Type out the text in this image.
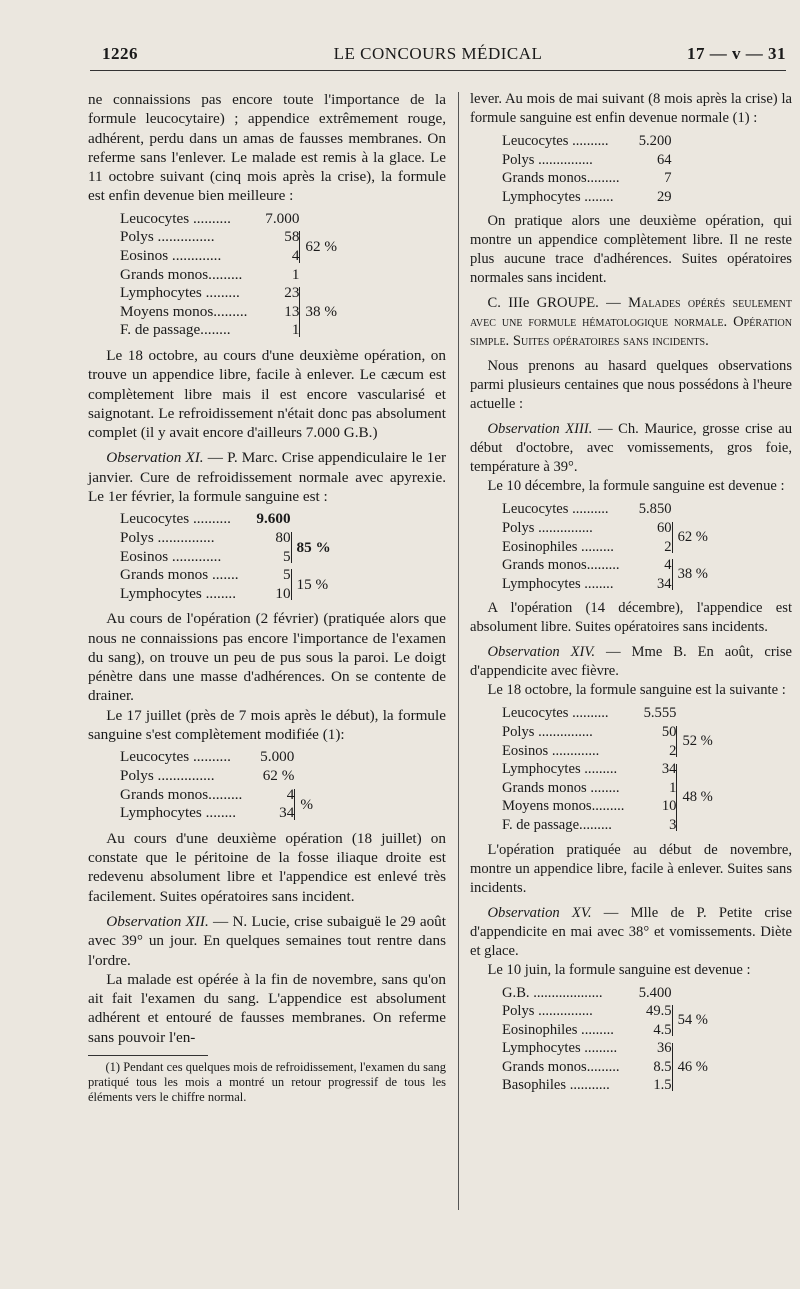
1226	LE CONCOURS MÉDICAL	17 — v — 31

ne connaissions pas encore toute l'importance de la formule leucocytaire) ; appendice extrêmement rouge, adhérent, perdu dans un amas de fausses membranes. On referme sans l'enlever. Le malade est remis à la glace. Le 11 octobre suivant (cinq mois après la crise), la formule est enfin devenue bien meilleure :

Leucocytes ..........	7.000	
Polys ...............	58	62 %
Eosinos .............	4	
Grands monos.........	1	
Lymphocytes .........	23	38 %
Moyens monos.........	13	
F. de passage........	1	

Le 18 octobre, au cours d'une deuxième opération, on trouve un appendice libre, facile à enlever. Le cæcum est complètement libre mais il est encore vascularisé et saignotant. Le refroidissement n'était donc pas absolument complet (il y avait encore d'ailleurs 7.000 G.B.)

Observation XI. — P. Marc. Crise appendiculaire le 1er janvier. Cure de refroidissement normale avec apyrexie. Le 1er février, la formule sanguine est :

Leucocytes ..........	9.600	
Polys ...............	80	85 %
Eosinos .............	5	
Grands monos .......	5	15 %
Lymphocytes ........	10	

Au cours de l'opération (2 février) (pratiquée alors que nous ne connaissions pas encore l'importance de l'examen du sang), on trouve un peu de pus sous la paroi. Le doigt pénètre dans une masse d'adhérences. On se contente de drainer.

Le 17 juillet (près de 7 mois après le début), la formule sanguine s'est complètement modifiée (1):

Leucocytes ..........	5.000	
Polys ...............	62 %	
Grands monos.........	4	%
Lymphocytes ........	34	

Au cours d'une deuxième opération (18 juillet) on constate que le péritoine de la fosse iliaque droite est redevenu absolument libre et l'appendice est enlevé très facilement. Suites opératoires sans incident.

Observation XII. — N. Lucie, crise subaiguë le 29 août avec 39° un jour. En quelques semaines tout rentre dans l'ordre.

La malade est opérée à la fin de novembre, sans qu'on ait fait l'examen du sang. L'appendice est absolument adhérent et entouré de fausses membranes. On referme sans pouvoir l'en-

(1) Pendant ces quelques mois de refroidissement, l'examen du sang pratiqué tous les mois a montré un retour progressif de tous les éléments vers le chiffre normal.

lever. Au mois de mai suivant (8 mois après la crise) la formule sanguine est enfin devenue normale (1) :

Leucocytes ..........	5.200
Polys ...............	64
Grands monos.........	7
Lymphocytes ........	29

On pratique alors une deuxième opération, qui montre un appendice complètement libre. Il ne reste plus aucune trace d'adhérences. Suites opératoires normales sans incident.

C. IIIe GROUPE. — Malades opérés seulement avec une formule hématologique normale. Opération simple. Suites opératoires sans incidents.

Nous prenons au hasard quelques observations parmi plusieurs centaines que nous possédons à l'heure actuelle :

Observation XIII. — Ch. Maurice, grosse crise au début d'octobre, avec vomissements, gros foie, température à 39°.

Le 10 décembre, la formule sanguine est devenue :

Leucocytes ..........	5.850	
Polys ...............	60	62 %
Eosinophiles .........	2	
Grands monos.........	4	38 %
Lymphocytes ........	34	

A l'opération (14 décembre), l'appendice est absolument libre. Suites opératoires sans incidents.

Observation XIV. — Mme B. En août, crise d'appendicite avec fièvre.

Le 18 octobre, la formule sanguine est la suivante :

Leucocytes ..........	5.555	
Polys ...............	50	52 %
Eosinos .............	2	
Lymphocytes .........	34	48 %
Grands monos ........	1	
Moyens monos.........	10	
F. de passage.........	3	

L'opération pratiquée au début de novembre, montre un appendice libre, facile à enlever. Suites sans incidents.

Observation XV. — Mlle de P. Petite crise d'appendicite en mai avec 38° et vomissements. Diète et glace.

Le 10 juin, la formule sanguine est devenue :

G.B. ...................	5.400	
Polys ...............	49.5	54 %
Eosinophiles .........	4.5	
Lymphocytes .........	36	46 %
Grands monos.........	8.5	
Basophiles ...........	1.5	
